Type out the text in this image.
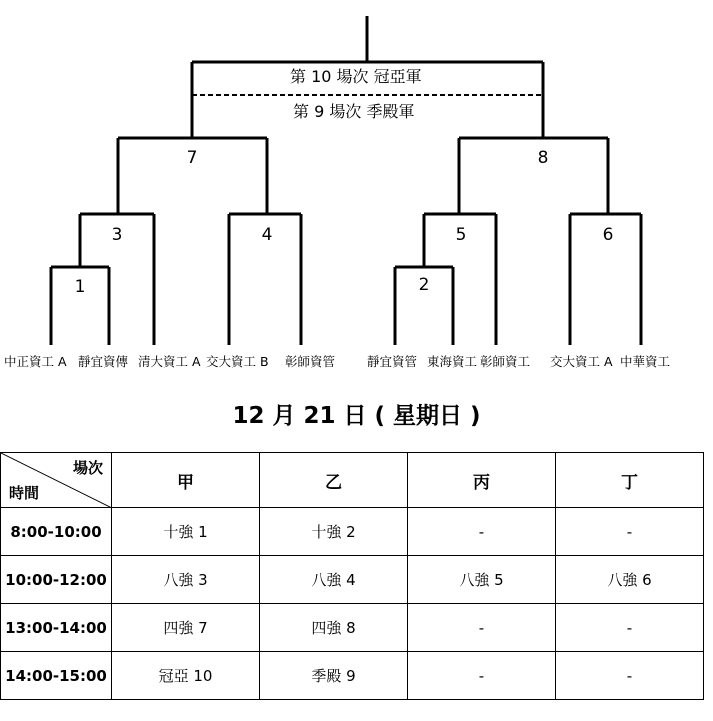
第 10 場次 冠亞軍
第 9 場次 季殿軍
7	8
3	4	5	6
1	2
中正資工 A 靜宜資傳 清大資工 A 交大資工 B 彰師資管	靜宜資管 東海資工 彰師資工 交大資工 A 中華資工
12 月 21 日 ( 星期日 )
場次
時間	甲	乙	丙	丁
8:00-10:00	十強 1	十強 2	-	-
10:00-12:00	八強 3	八強 4	八強 5	八強 6
13:00-14:00	四強 7	四強 8	-	-
14:00-15:00	冠亞 10	季殿 9	-	-
